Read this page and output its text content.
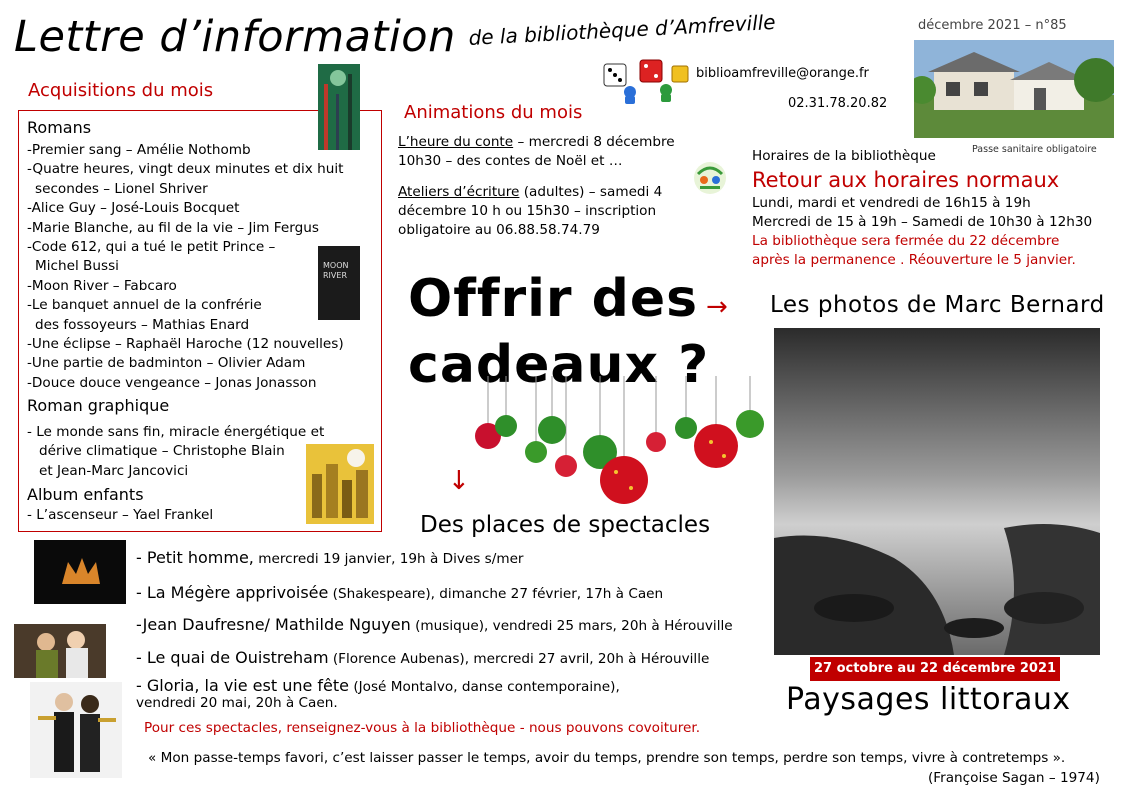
Lettre d’information de la bibliothèque d’Amfreville	décembre 2021 – n°85
biblioamfreville@orange.fr
02.31.78.20.82
Passe sanitaire obligatoire
Acquisitions du mois
Romans
-Premier sang – Amélie Nothomb
-Quatre heures, vingt deux minutes et dix huit
secondes – Lionel Shriver
-Alice Guy – José-Louis Bocquet
-Marie Blanche, au fil de la vie – Jim Fergus
-Code 612, qui a tué le petit Prince –
Michel Bussi
-Moon River – Fabcaro
-Le banquet annuel de la confrérie
des fossoyeurs – Mathias Enard
-Une éclipse – Raphaël Haroche (12 nouvelles)
-Une partie de badminton – Olivier Adam
-Douce douce vengeance – Jonas Jonasson
Roman graphique
- Le monde sans fin, miracle énergétique et
dérive climatique – Christophe Blain
et Jean-Marc Jancovici
Album enfants
- L’ascenseur – Yael Frankel
MOON
RIVER
Animations du mois

L’heure du conte – mercredi 8 décembre

10h30 – des contes de Noël et …

Ateliers d’écriture (adultes) – samedi 4

décembre 10 h ou 15h30 – inscription

obligatoire au 06.88.58.74.79

Horaires de la bibliothèque
Retour aux horaires normaux
Lundi, mardi et vendredi de 16h15 à 19h
Mercredi de 15 à 19h – Samedi de 10h30 à 12h30
La bibliothèque sera fermée du 22 décembre
après la permanence . Réouverture le 5 janvier.
Offrir des
cadeaux ?
→
↓
Les photos de Marc Bernard
27 octobre au 22 décembre 2021
Paysages littoraux
Des places de spectacles
- Petit homme, mercredi 19 janvier, 19h à Dives s/mer
- La Mégère apprivoisée (Shakespeare), dimanche 27 février, 17h à Caen
-Jean Daufresne/ Mathilde Nguyen (musique), vendredi 25 mars, 20h à Hérouville
- Le quai de Ouistreham (Florence Aubenas), mercredi 27 avril, 20h à Hérouville
- Gloria, la vie est une fête (José Montalvo, danse contemporaine),
vendredi 20 mai, 20h à Caen.
Pour ces spectacles, renseignez-vous à la bibliothèque - nous pouvons covoiturer.
« Mon passe-temps favori, c’est laisser passer le temps, avoir du temps, prendre son temps, perdre son temps, vivre à contretemps ».
(Françoise Sagan – 1974)
